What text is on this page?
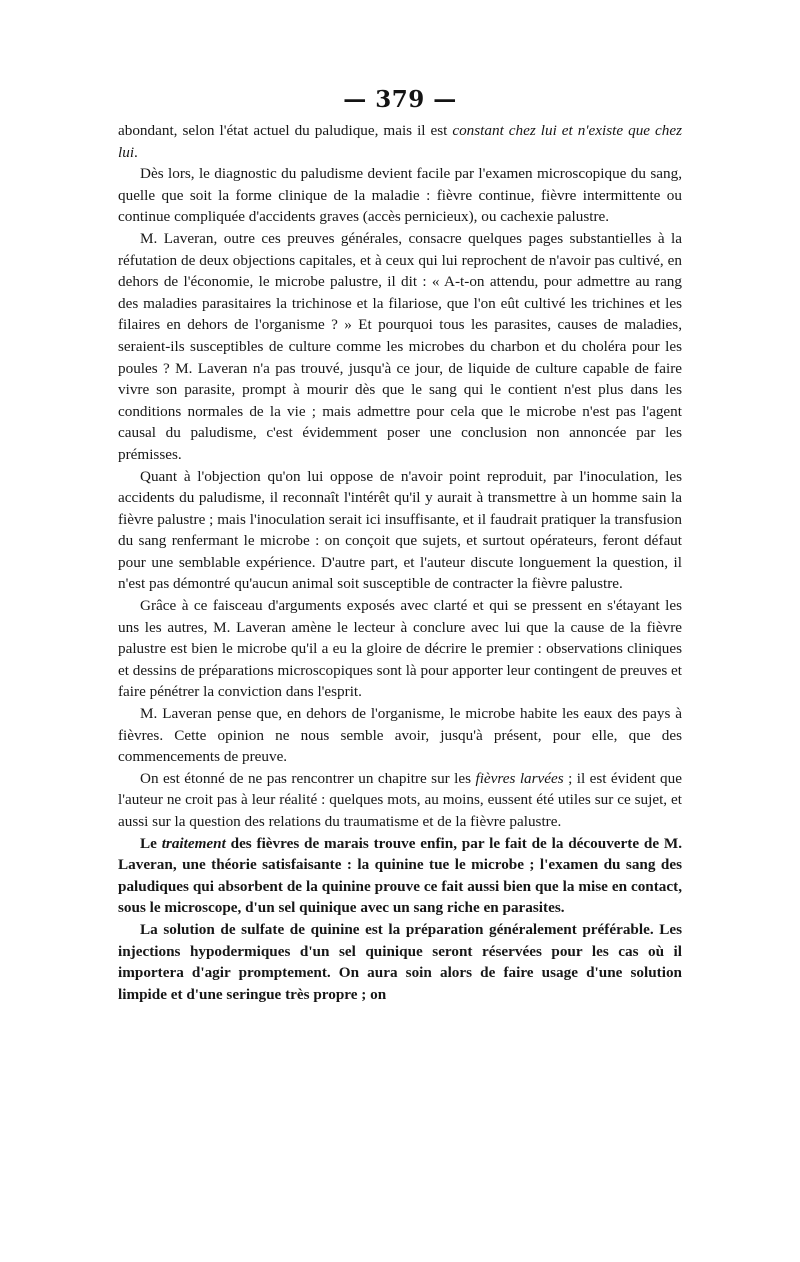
— 379 —

abondant, selon l'état actuel du paludique, mais il est constant chez lui et n'existe que chez lui.

Dès lors, le diagnostic du paludisme devient facile par l'examen microscopique du sang, quelle que soit la forme clinique de la maladie : fièvre continue, fièvre intermittente ou continue compliquée d'accidents graves (accès pernicieux), ou cachexie palustre.

M. Laveran, outre ces preuves générales, consacre quelques pages substantielles à la réfutation de deux objections capitales, et à ceux qui lui reprochent de n'avoir pas cultivé, en dehors de l'économie, le microbe palustre, il dit : « A-t-on attendu, pour admettre au rang des maladies parasitaires la trichinose et la filariose, que l'on eût cultivé les trichines et les filaires en dehors de l'organisme ? » Et pourquoi tous les parasites, causes de maladies, seraient-ils susceptibles de culture comme les microbes du charbon et du choléra pour les poules ? M. Laveran n'a pas trouvé, jusqu'à ce jour, de liquide de culture capable de faire vivre son parasite, prompt à mourir dès que le sang qui le contient n'est plus dans les conditions normales de la vie ; mais admettre pour cela que le microbe n'est pas l'agent causal du paludisme, c'est évidemment poser une conclusion non annoncée par les prémisses.

Quant à l'objection qu'on lui oppose de n'avoir point reproduit, par l'inoculation, les accidents du paludisme, il reconnaît l'intérêt qu'il y aurait à transmettre à un homme sain la fièvre palustre ; mais l'inoculation serait ici insuffisante, et il faudrait pratiquer la transfusion du sang renfermant le microbe : on conçoit que sujets, et surtout opérateurs, feront défaut pour une semblable expérience. D'autre part, et l'auteur discute longuement la question, il n'est pas démontré qu'aucun animal soit susceptible de contracter la fièvre palustre.

Grâce à ce faisceau d'arguments exposés avec clarté et qui se pressent en s'étayant les uns les autres, M. Laveran amène le lecteur à conclure avec lui que la cause de la fièvre palustre est bien le microbe qu'il a eu la gloire de décrire le premier : observations cliniques et dessins de préparations microscopiques sont là pour apporter leur contingent de preuves et faire pénétrer la conviction dans l'esprit.

M. Laveran pense que, en dehors de l'organisme, le microbe habite les eaux des pays à fièvres. Cette opinion ne nous semble avoir, jusqu'à présent, pour elle, que des commencements de preuve.

On est étonné de ne pas rencontrer un chapitre sur les fièvres larvées ; il est évident que l'auteur ne croit pas à leur réalité : quelques mots, au moins, eussent été utiles sur ce sujet, et aussi sur la question des relations du traumatisme et de la fièvre palustre.

Le traitement des fièvres de marais trouve enfin, par le fait de la découverte de M. Laveran, une théorie satisfaisante : la quinine tue le microbe ; l'examen du sang des paludiques qui absorbent de la quinine prouve ce fait aussi bien que la mise en contact, sous le microscope, d'un sel quinique avec un sang riche en parasites.

La solution de sulfate de quinine est la préparation généralement préférable. Les injections hypodermiques d'un sel quinique seront réservées pour les cas où il importera d'agir promptement. On aura soin alors de faire usage d'une solution limpide et d'une seringue très propre ; on
